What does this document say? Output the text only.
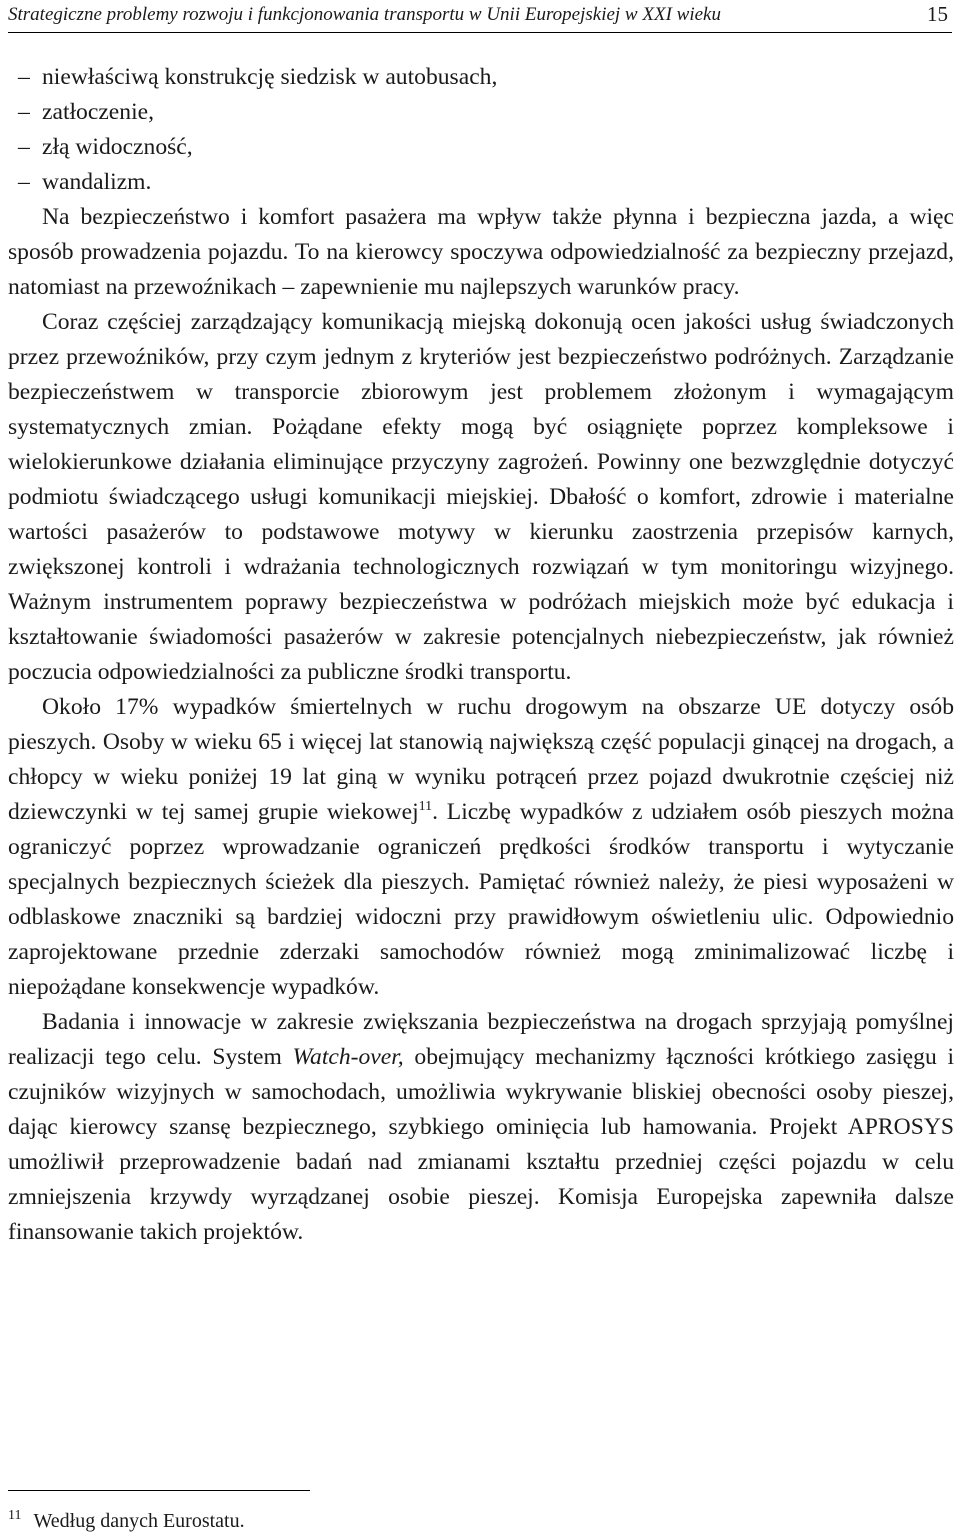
Strategiczne problemy rozwoju i funkcjonowania transportu w Unii Europejskiej w XXI wieku	15
– niewłaściwą konstrukcję siedzisk w autobusach,
– zatłoczenie,
– złą widoczność,
– wandalizm.

Na bezpieczeństwo i komfort pasażera ma wpływ także płynna i bezpieczna jazda, a więc sposób prowadzenia pojazdu. To na kierowcy spoczywa odpowiedzialność za bezpieczny przejazd, natomiast na przewoźnikach – zapewnienie mu najlepszych warunków pracy.

Coraz częściej zarządzający komunikacją miejską dokonują ocen jakości usług świadczonych przez przewoźników, przy czym jednym z kryteriów jest bezpieczeństwo podróżnych. Zarządzanie bezpieczeństwem w transporcie zbiorowym jest problemem złożonym i wymagającym systematycznych zmian. Pożądane efekty mogą być osiągnięte poprzez kompleksowe i wielokierunkowe działania eliminujące przyczyny zagrożeń. Powinny one bezwzględnie dotyczyć podmiotu świadczącego usługi komunikacji miejskiej. Dbałość o komfort, zdrowie i materialne wartości pasażerów to podstawowe motywy w kierunku zaostrzenia przepisów karnych, zwiększonej kontroli i wdrażania technologicznych rozwiązań w tym monitoringu wizyjnego. Ważnym instrumentem poprawy bezpieczeństwa w podróżach miejskich może być edukacja i kształtowanie świadomości pasażerów w zakresie potencjalnych niebezpieczeństw, jak również poczucia odpowiedzialności za publiczne środki transportu.

Około 17% wypadków śmiertelnych w ruchu drogowym na obszarze UE dotyczy osób pieszych. Osoby w wieku 65 i więcej lat stanowią największą część populacji ginącej na drogach, a chłopcy w wieku poniżej 19 lat giną w wyniku potrąceń przez pojazd dwukrotnie częściej niż dziewczynki w tej samej grupie wiekowej$^{11}$. Liczbę wypadków z udziałem osób pieszych można ograniczyć poprzez wprowadzanie ograniczeń prędkości środków transportu i wytyczanie specjalnych bezpiecznych ścieżek dla pieszych. Pamiętać również należy, że piesi wyposażeni w odblaskowe znaczniki są bardziej widoczni przy prawidłowym oświetleniu ulic. Odpowiednio zaprojektowane przednie zderzaki samochodów również mogą zminimalizować liczbę i niepożądane konsekwencje wypadków.

Badania i innowacje w zakresie zwiększania bezpieczeństwa na drogach sprzyjają pomyślnej realizacji tego celu. System Watch-over, obejmujący mechanizmy łączności krótkiego zasięgu i czujników wizyjnych w samochodach, umożliwia wykrywanie bliskiej obecności osoby pieszej, dając kierowcy szansę bezpiecznego, szybkiego ominięcia lub hamowania. Projekt APROSYS umożliwił przeprowadzenie badań nad zmianami kształtu przedniej części pojazdu w celu zmniejszenia krzywdy wyrządzanej osobie pieszej. Komisja Europejska zapewniła dalsze finansowanie takich projektów.

$^{11}$ Według danych Eurostatu.
